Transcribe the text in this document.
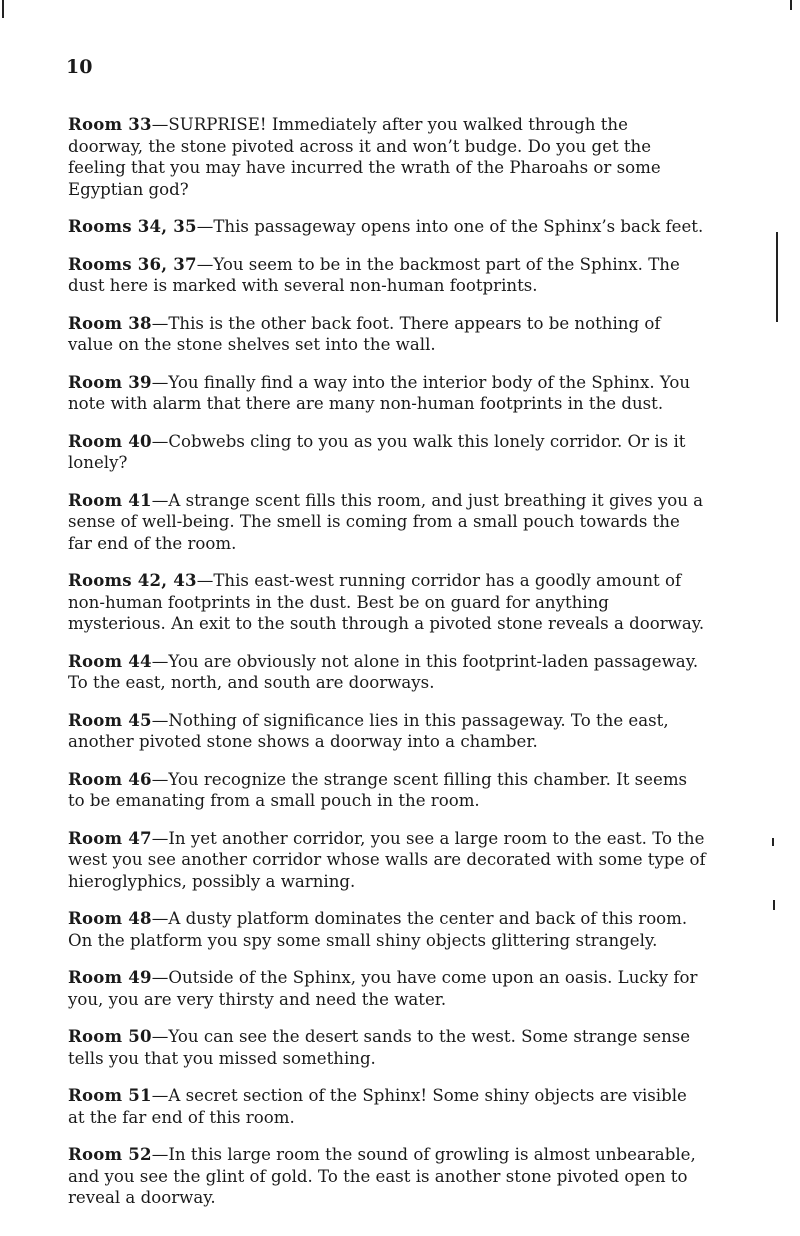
10

Room 33—SURPRISE! Immediately after you walked through the doorway, the stone pivoted across it and won’t budge. Do you get the feeling that you may have incurred the wrath of the Pharoahs or some Egyptian god?

Rooms 34, 35—This passageway opens into one of the Sphinx’s back feet.

Rooms 36, 37—You seem to be in the backmost part of the Sphinx. The dust here is marked with several non-human footprints.

Room 38—This is the other back foot. There appears to be nothing of value on the stone shelves set into the wall.

Room 39—You finally find a way into the interior body of the Sphinx. You note with alarm that there are many non-human footprints in the dust.

Room 40—Cobwebs cling to you as you walk this lonely corridor. Or is it lonely?

Room 41—A strange scent fills this room, and just breathing it gives you a sense of well-being. The smell is coming from a small pouch towards the far end of the room.

Rooms 42, 43—This east-west running corridor has a goodly amount of non-human footprints in the dust. Best be on guard for anything mysterious. An exit to the south through a pivoted stone reveals a doorway.

Room 44—You are obviously not alone in this footprint-laden passageway. To the east, north, and south are doorways.

Room 45—Nothing of significance lies in this passageway. To the east, another pivoted stone shows a doorway into a chamber.

Room 46—You recognize the strange scent filling this chamber. It seems to be emanating from a small pouch in the room.

Room 47—In yet another corridor, you see a large room to the east. To the west you see another corridor whose walls are decorated with some type of hieroglyphics, possibly a warning.

Room 48—A dusty platform dominates the center and back of this room. On the platform you spy some small shiny objects glittering strangely.

Room 49—Outside of the Sphinx, you have come upon an oasis. Lucky for you, you are very thirsty and need the water.

Room 50—You can see the desert sands to the west. Some strange sense tells you that you missed something.

Room 51—A secret section of the Sphinx! Some shiny objects are visible at the far end of this room.

Room 52—In this large room the sound of growling is almost unbearable, and you see the glint of gold. To the east is another stone pivoted open to reveal a doorway.
